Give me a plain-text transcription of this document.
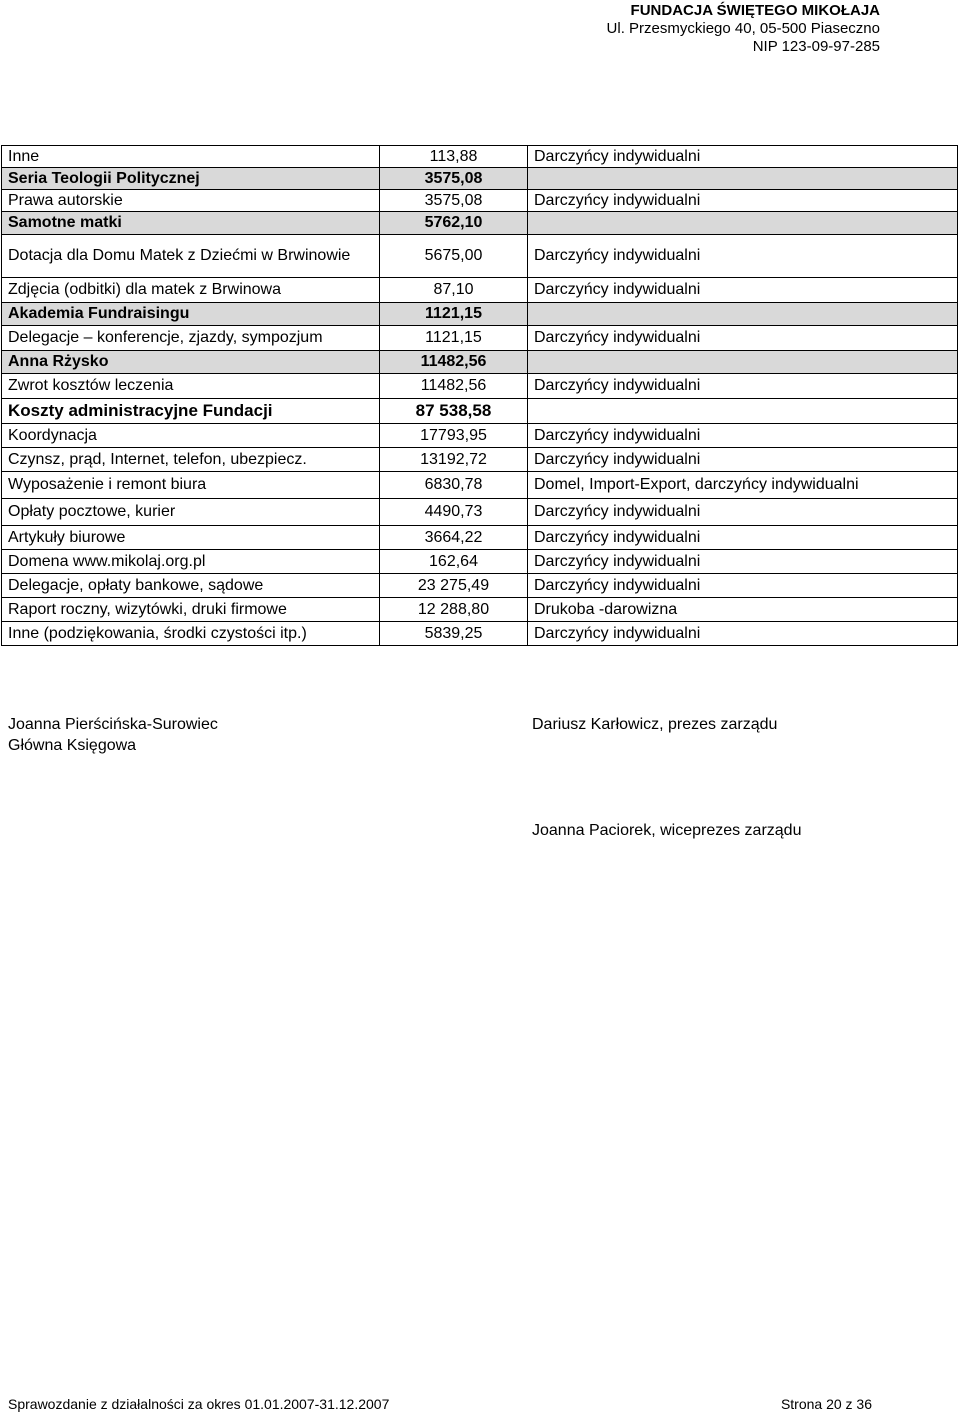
FUNDACJA ŚWIĘTEGO MIKOŁAJA
Ul. Przesmyckiego 40, 05-500 Piaseczno
NIP 123-09-97-285
Inne	113,88	Darczyńcy indywidualni
Seria Teologii Politycznej	3575,08	
Prawa autorskie	3575,08	Darczyńcy indywidualni
Samotne matki	5762,10	
Dotacja dla Domu Matek z Dziećmi w Brwinowie	5675,00	Darczyńcy indywidualni
Zdjęcia (odbitki) dla matek z Brwinowa	87,10	Darczyńcy indywidualni
Akademia Fundraisingu	1121,15	
Delegacje – konferencje, zjazdy, sympozjum	1121,15	Darczyńcy indywidualni
Anna Rżysko	11482,56	
Zwrot kosztów leczenia	11482,56	Darczyńcy indywidualni
Koszty administracyjne Fundacji	87 538,58	
Koordynacja	17793,95	Darczyńcy indywidualni
Czynsz, prąd, Internet, telefon, ubezpiecz.	13192,72	Darczyńcy indywidualni
Wyposażenie i remont biura	6830,78	Domel, Import-Export, darczyńcy indywidualni
Opłaty pocztowe, kurier	4490,73	Darczyńcy indywidualni
Artykuły biurowe	3664,22	Darczyńcy indywidualni
Domena www.mikolaj.org.pl	162,64	Darczyńcy indywidualni
Delegacje, opłaty bankowe, sądowe	23 275,49	Darczyńcy indywidualni
Raport roczny, wizytówki, druki firmowe	12 288,80	Drukoba -darowizna
Inne (podziękowania, środki czystości itp.)	5839,25	Darczyńcy indywidualni
Joanna Pierścińska-Surowiec
Główna Księgowa
Dariusz Karłowicz, prezes zarządu
Joanna Paciorek, wiceprezes zarządu
Sprawozdanie z działalności za okres 01.01.2007-31.12.2007	Strona 20 z 36
